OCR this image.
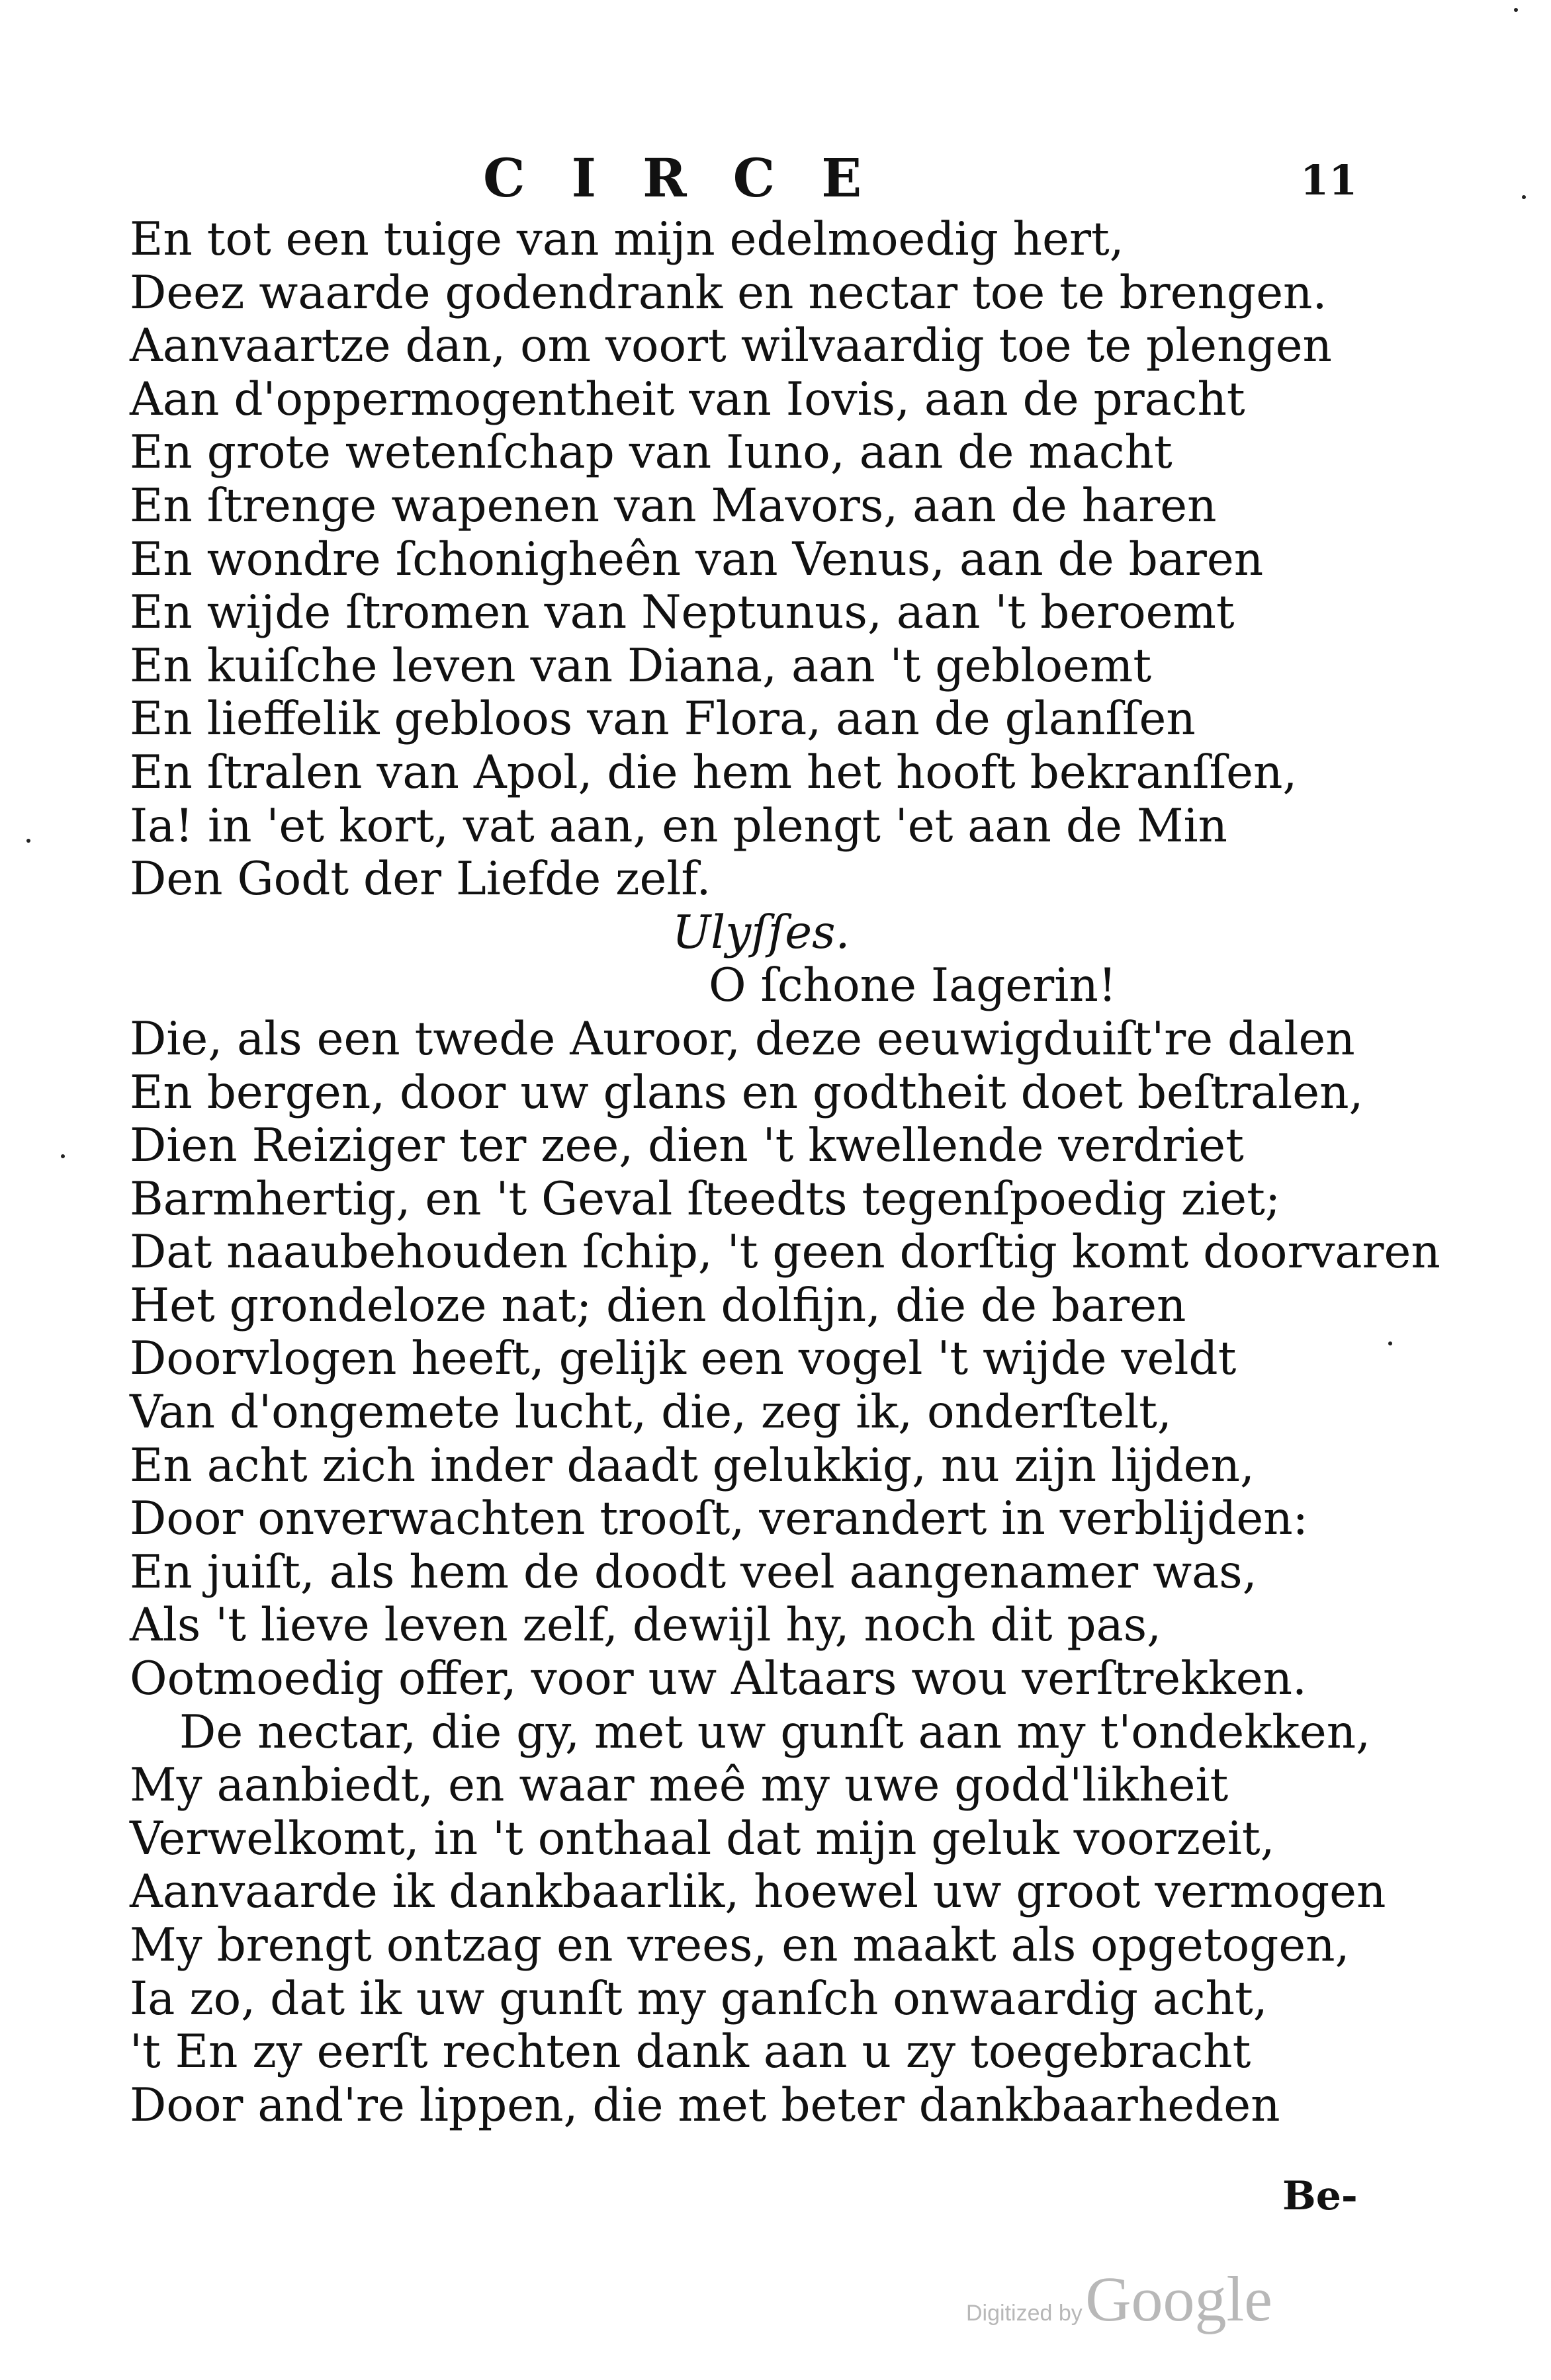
CIRCE	11
En tot een tuige van mijn edelmoedig hert,
Deez waarde godendrank en nectar toe te brengen.
Aanvaartze dan, om voort wilvaardig toe te plengen
Aan d'oppermogentheit van Iovis, aan de pracht
En grote wetenſchap van Iuno, aan de macht
En ſtrenge wapenen van Mavors, aan de haren
En wondre ſchonigheên van Venus, aan de baren
En wijde ſtromen van Neptunus, aan 't beroemt
En kuiſche leven van Diana, aan 't gebloemt
En lieffelik gebloos van Flora, aan de glanſſen
En ſtralen van Apol, die hem het hooft bekranſſen,
Ia! in 'et kort, vat aan, en plengt 'et aan de Min
Den Godt der Liefde zelf.
Ulyſſes.
O ſchone Iagerin!
Die, als een twede Auroor, deze eeuwigduiſt're dalen
En bergen, door uw glans en godtheit doet beſtralen,
Dien Reiziger ter zee, dien 't kwellende verdriet
Barmhertig, en 't Geval ſteedts tegenſpoedig ziet;
Dat naaubehouden ſchip, 't geen dorſtig komt doorvaren
Het grondeloze nat; dien dolfijn, die de baren
Doorvlogen heeft, gelijk een vogel 't wijde veldt
Van d'ongemete lucht, die, zeg ik, onderſtelt,
En acht zich inder daadt gelukkig, nu zijn lijden,
Door onverwachten trooſt, verandert in verblijden:
En juiſt, als hem de doodt veel aangenamer was,
Als 't lieve leven zelf, dewijl hy, noch dit pas,
Ootmoedig offer, voor uw Altaars wou verſtrekken.
De nectar, die gy, met uw gunſt aan my t'ondekken,
My aanbiedt, en waar meê my uwe godd'likheit
Verwelkomt, in 't onthaal dat mijn geluk voorzeit,
Aanvaarde ik dankbaarlik, hoewel uw groot vermogen
My brengt ontzag en vrees, en maakt als opgetogen,
Ia zo, dat ik uw gunſt my ganſch onwaardig acht,
't En zy eerſt rechten dank aan u zy toegebracht
Door and're lippen, die met beter dankbaarheden
Be-
Digitized by Google
